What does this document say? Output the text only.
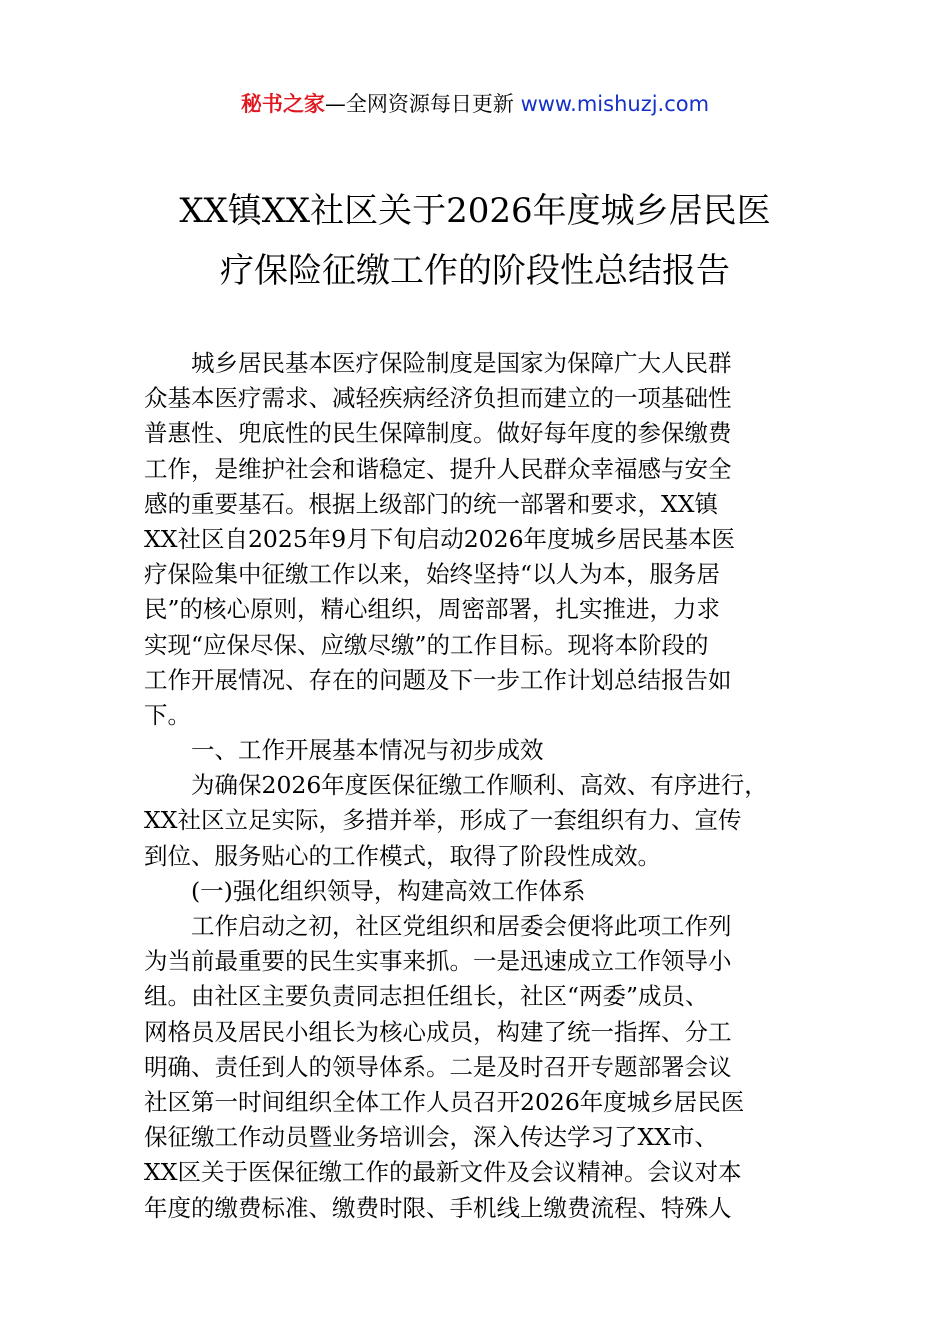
秘书之家—全网资源每日更新 www.mishuzj.com
XX镇XX社区关于2026年度城乡居民医
疗保险征缴工作的阶段性总结报告
城乡居民基本医疗保险制度是国家为保障广大人民群
众基本医疗需求、减轻疾病经济负担而建立的一项基础性
普惠性、兜底性的民生保障制度。做好每年度的参保缴费
工作，是维护社会和谐稳定、提升人民群众幸福感与安全
感的重要基石。根据上级部门的统一部署和要求，XX镇
XX社区自2025年9月下旬启动2026年度城乡居民基本医
疗保险集中征缴工作以来，始终坚持“以人为本，服务居
民”的核心原则，精心组织，周密部署，扎实推进，力求
实现“应保尽保、应缴尽缴”的工作目标。现将本阶段的
工作开展情况、存在的问题及下一步工作计划总结报告如
下。
一、工作开展基本情况与初步成效
为确保2026年度医保征缴工作顺利、高效、有序进行，
XX社区立足实际，多措并举，形成了一套组织有力、宣传
到位、服务贴心的工作模式，取得了阶段性成效。
(一)强化组织领导，构建高效工作体系
工作启动之初，社区党组织和居委会便将此项工作列
为当前最重要的民生实事来抓。一是迅速成立工作领导小
组。由社区主要负责同志担任组长，社区“两委”成员、
网格员及居民小组长为核心成员，构建了统一指挥、分工
明确、责任到人的领导体系。二是及时召开专题部署会议
社区第一时间组织全体工作人员召开2026年度城乡居民医
保征缴工作动员暨业务培训会，深入传达学习了XX市、
XX区关于医保征缴工作的最新文件及会议精神。会议对本
年度的缴费标准、缴费时限、手机线上缴费流程、特殊人
